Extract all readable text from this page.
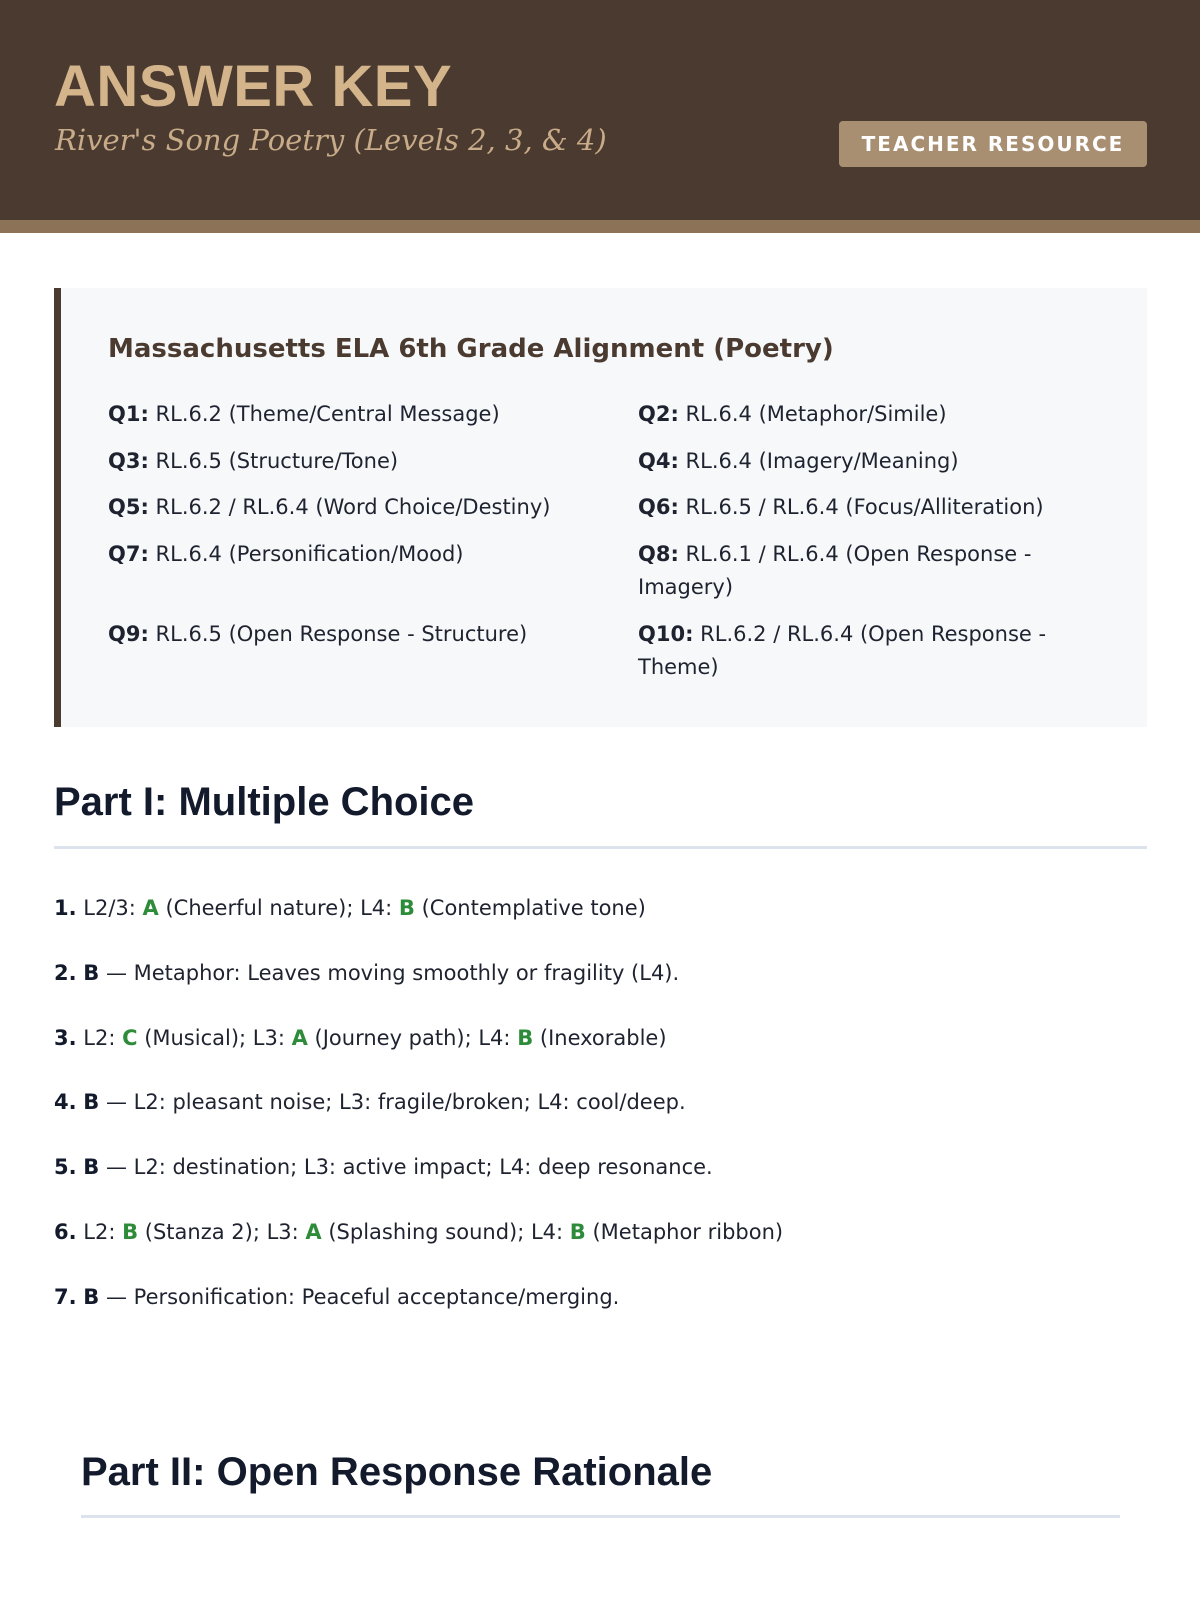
ANSWER KEY
River's Song Poetry (Levels 2, 3, & 4)	TEACHER RESOURCE
Massachusetts ELA 6th Grade Alignment (Poetry)
Q1: RL.6.2 (Theme/Central Message)	Q2: RL.6.4 (Metaphor/Simile)
Q3: RL.6.5 (Structure/Tone)	Q4: RL.6.4 (Imagery/Meaning)
Q5: RL.6.2 / RL.6.4 (Word Choice/Destiny)	Q6: RL.6.5 / RL.6.4 (Focus/Alliteration)
Q7: RL.6.4 (Personification/Mood)	Q8: RL.6.1 / RL.6.4 (Open Response - Imagery)
Q9: RL.6.5 (Open Response - Structure)	Q10: RL.6.2 / RL.6.4 (Open Response - Theme)
Part I: Multiple Choice
1. L2/3: A (Cheerful nature); L4: B (Contemplative tone)
2. B — Metaphor: Leaves moving smoothly or fragility (L4).
3. L2: C (Musical); L3: A (Journey path); L4: B (Inexorable)
4. B — L2: pleasant noise; L3: fragile/broken; L4: cool/deep.
5. B — L2: destination; L3: active impact; L4: deep resonance.
6. L2: B (Stanza 2); L3: A (Splashing sound); L4: B (Metaphor ribbon)
7. B — Personification: Peaceful acceptance/merging.
Part II: Open Response Rationale
